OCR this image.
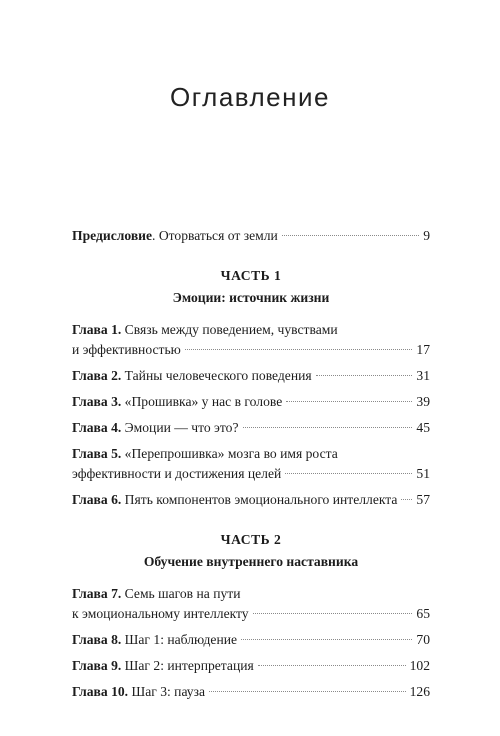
Оглавление
Предисловие. Оторваться от земли	9
ЧАСТЬ 1
Эмоции: источник жизни
Глава 1. Связь между поведением, чувствами
и эффективностью	17
Глава 2. Тайны человеческого поведения	31
Глава 3. «Прошивка» у нас в голове	39
Глава 4. Эмоции — что это?	45
Глава 5. «Перепрошивка» мозга во имя роста
эффективности и достижения целей	51
Глава 6. Пять компонентов эмоционального интеллекта 57
ЧАСТЬ 2
Обучение внутреннего наставника
Глава 7. Семь шагов на пути
к эмоциональному интеллекту	65
Глава 8. Шаг 1: наблюдение	70
Глава 9. Шаг 2: интерпретация	102
Глава 10. Шаг 3: пауза	126
